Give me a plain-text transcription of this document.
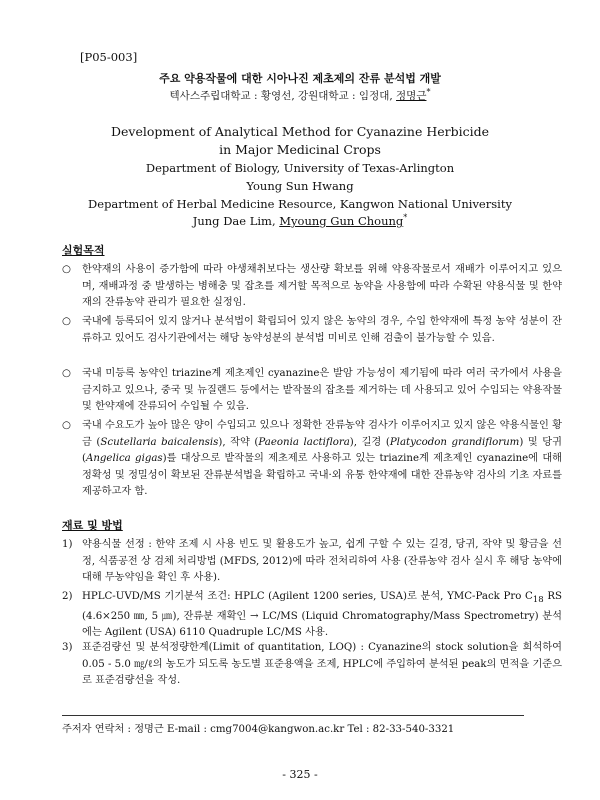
[P05-003]
주요 약용작물에 대한 시아나진 제초제의 잔류 분석법 개발
텍사스주립대학교 : 황영선, 강원대학교 : 임정대, 정명근*
Development of Analytical Method for Cyanazine Herbicide
in Major Medicinal Crops
Department of Biology, University of Texas-Arlington
Young Sun Hwang
Department of Herbal Medicine Resource, Kangwon National University
Jung Dae Lim, Myoung Gun Choung*
실험목적
○ 한약재의 사용이 증가함에 따라 야생채취보다는 생산량 확보를 위해 약용작물로서 재배가 이루어지고 있으며, 재배과정 중 발생하는 병해충 및 잡초를 제거할 목적으로 농약을 사용함에 따라 수확된 약용식물 및 한약재의 잔류농약 관리가 필요한 실정임.
○ 국내에 등록되어 있지 않거나 분석법이 확립되어 있지 않은 농약의 경우, 수입 한약재에 특정 농약 성분이 잔류하고 있어도 검사기관에서는 해당 농약성분의 분석법 미비로 인해 검출이 불가능할 수 있음.
○ 국내 미등록 농약인 triazine계 제초제인 cyanazine은 발암 가능성이 제기됨에 따라 여러 국가에서 사용을 금지하고 있으나, 중국 및 뉴질랜드 등에서는 밭작물의 잡초를 제거하는 데 사용되고 있어 수입되는 약용작물 및 한약재에 잔류되어 수입될 수 있음.
○ 국내 수요도가 높아 많은 양이 수입되고 있으나 정확한 잔류농약 검사가 이루어지고 있지 않은 약용식물인 황금 (Scutellaria baicalensis), 작약 (Paeonia lactiflora), 길경 (Platycodon grandiflorum) 및 당귀 (Angelica gigas)를 대상으로 밭작물의 제초제로 사용하고 있는 triazine계 제초제인 cyanazine에 대해 정확성 및 정밀성이 확보된 잔류분석법을 확립하고 국내·외 유통 한약재에 대한 잔류농약 검사의 기초 자료를 제공하고자 함.
재료 및 방법
1) 약용식물 선정 : 한약 조제 시 사용 빈도 및 활용도가 높고, 쉽게 구할 수 있는 길경, 당귀, 작약 및 황금을 선정, 식품공전 상 검체 처리방법 (MFDS, 2012)에 따라 전처리하여 사용 (잔류농약 검사 실시 후 해당 농약에 대해 무농약임을 확인 후 사용).
2) HPLC-UVD/MS 기기분석 조건: HPLC (Agilent 1200 series, USA)로 분석, YMC-Pack Pro $C_{18}$ RS (4.6×250 ㎜, 5 ㎛), 잔류분 재확인 → LC/MS (Liquid Chromatography/Mass Spectrometry) 분석에는 Agilent (USA) 6110 Quadruple LC/MS 사용.
3) 표준검량선 및 분석정량한계(Limit of quantitation, LOQ) : Cyanazine의 stock solution을 희석하여 0.05 - 5.0 ㎎/ℓ의 농도가 되도록 농도별 표준용액을 조제, HPLC에 주입하여 분석된 peak의 면적을 기준으로 표준검량선을 작성.
주저자 연락처 : 정명근 E-mail : cmg7004@kangwon.ac.kr Tel : 82-33-540-3321
- 325 -
